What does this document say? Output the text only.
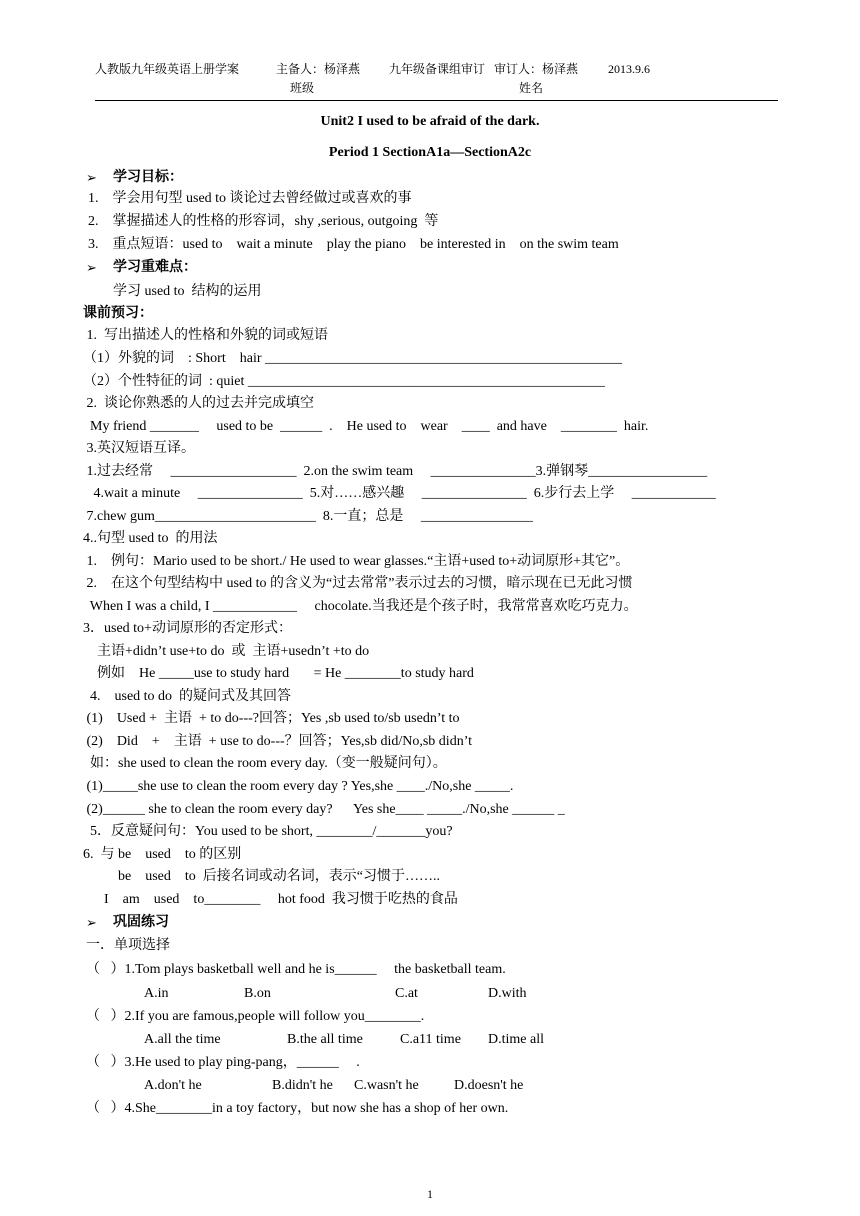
人教版九年级英语上册学案	主备人：杨泽燕 九年级备课组审订   审订人：杨泽燕 2013.9.6
班级	姓名
Unit2 I used to be afraid of the dark.
Period 1 SectionA1a—SectionA2c
➢ 学习目标：
1.    学会用句型 used to 谈论过去曾经做过或喜欢的事
2.    掌握描述人的性格的形容词，shy ,serious, outgoing  等
3.    重点短语：used to    wait a minute    play the piano    be interested in    on the swim team
➢ 学习重难点：
学习 used to  结构的运用
课前预习：
1.  写出描述人的性格和外貌的词或短语
（1）外貌的词    : Short    hair ___________________________________________________
（2）个性特征的词  : quiet ___________________________________________________
2.  谈论你熟悉的人的过去并完成填空
My friend _______     used to be  ______  .    He used to    wear    ____  and have    ________  hair.
3.英汉短语互译。
1.过去经常     __________________  2.on the swim team     _______________3.弹钢琴_________________
4.wait a minute     _______________  5.对……感兴趣     _______________  6.步行去上学     ____________
7.chew gum_______________________  8.一直；总是     ________________
4..句型 used to  的用法
1.    例句：Mario used to be short./ He used to wear glasses.“主语+used to+动词原形+其它”。
2.    在这个句型结构中 used to 的含义为“过去常常”表示过去的习惯，暗示现在已无此习惯
When I was a child, I ____________     chocolate.当我还是个孩子时，我常常喜欢吃巧克力。
3．used to+动词原形的否定形式：
主语+didn’t use+to do  或  主语+usedn’t +to do
例如    He _____use to study hard       = He ________to study hard
4.    used to do  的疑问式及其回答
(1)    Used +  主语  + to do---?回答；Yes ,sb used to/sb usedn’t to
(2)    Did    +    主语  + use to do---？回答；Yes,sb did/No,sb didn’t
如：she used to clean the room every day.（变一般疑问句）。
(1)_____she use to clean the room every day ? Yes,she ____./No,she _____.
(2)______ she to clean the room every day?      Yes she____ _____./No,she ______ _
5．反意疑问句：You used to be short, ________/_______you?
6.  与 be    used    to 的区别
be    used    to  后接名词或动名词，表示“习惯于……..
I    am    used    to________     hot food  我习惯于吃热的食品
➢ 巩固练习
一．单项选择
（   ）1.Tom plays basketball well and he is______     the basketball team.
A.in	B.on	C.at	D.with
（   ）2.If you are famous,people will follow you________.
A.all the time	B.the all time	C.a11 time D.time all
（   ）3.He used to play ping-pang，______     .
A.don't he	B.didn't he C.wasn't he	D.doesn't he
（   ）4.She________in a toy factory，but now she has a shop of her own.
1
